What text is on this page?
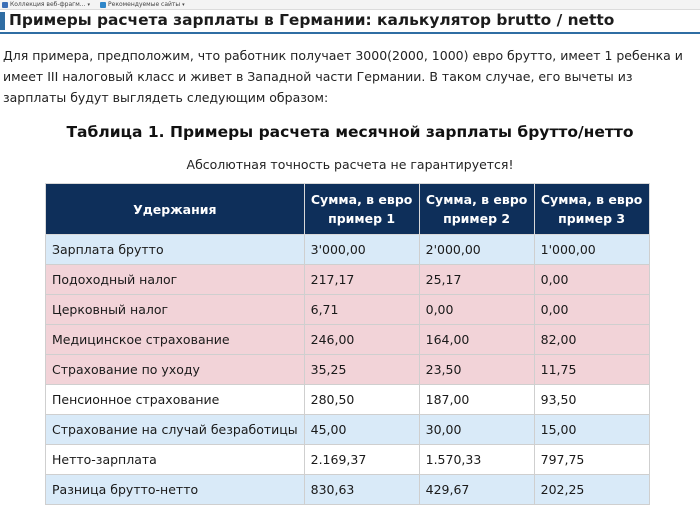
Коллекция веб-фрагм... ▾	Рекомендуемые сайты ▾
Примеры расчета зарплаты в Германии: калькулятор brutto / netto

Для примера, предположим, что работник получает 3000(2000, 1000) евро брутто, имеет 1 ребенка и имеет III налоговый класс и живет в Западной части Германии. В таком случае, его вычеты из зарплаты будут выглядеть следующим образом:

Таблица 1. Примеры расчета месячной зарплаты брутто/нетто

Абсолютная точность расчета не гарантируется!

Удержания	Сумма, в евро пример 1	Сумма, в евро пример 2	Сумма, в евро пример 3
Зарплата брутто	3'000,00	2'000,00	1'000,00
Подоходный налог	217,17	25,17	0,00
Церковный налог	6,71	0,00	0,00
Медицинское страхование	246,00	164,00	82,00
Страхование по уходу	35,25	23,50	11,75
Пенсионное страхование	280,50	187,00	93,50
Страхование на случай безработицы	45,00	30,00	15,00
Нетто-зарплата	2.169,37	1.570,33	797,75
Разница брутто-нетто	830,63	429,67	202,25
